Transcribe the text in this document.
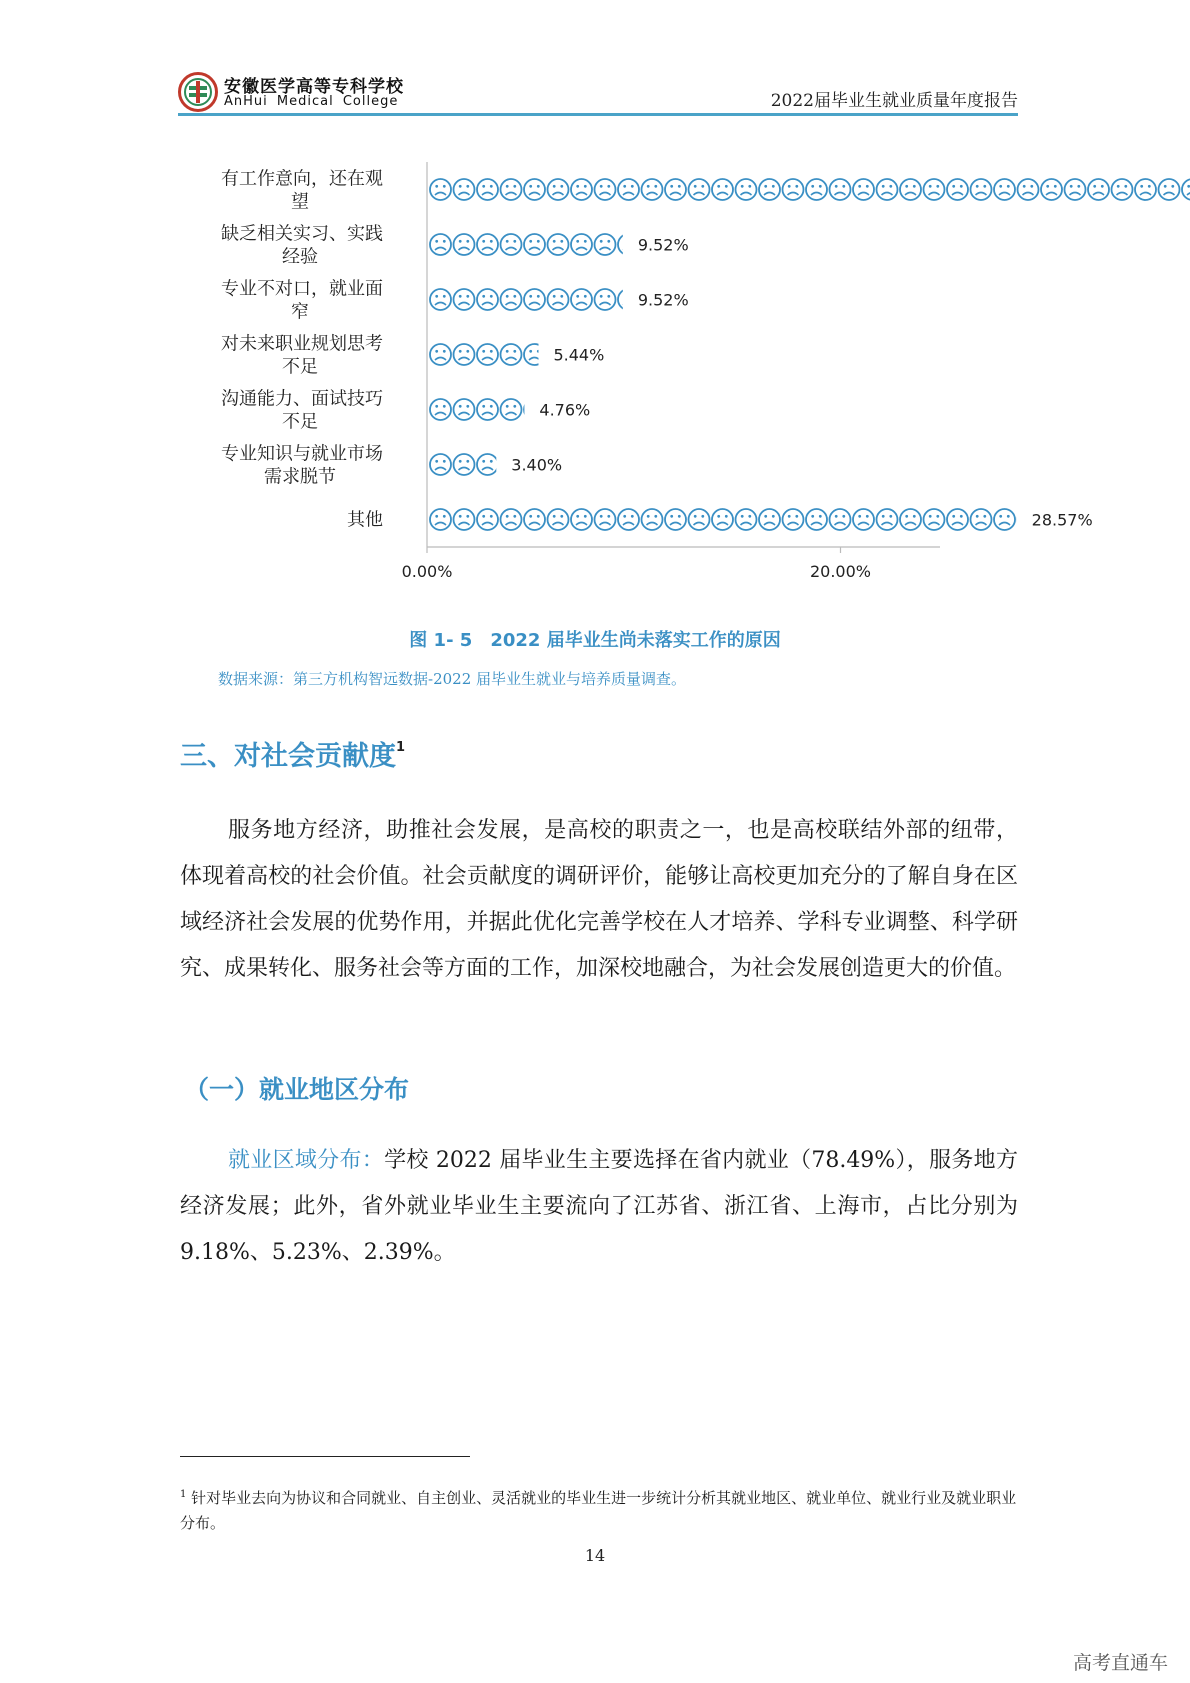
安徽医学高等专科学校
AnHui Medical College	2022届毕业生就业质量年度报告
0.00%	20.00%
有工作意向，还在观望
缺乏相关实习、实践经验
9.52%
专业不对口，就业面窄
9.52%
对未来职业规划思考不足
5.44%
沟通能力、面试技巧不足
4.76%
专业知识与就业市场需求脱节
3.40%
其他	28.57%
图 1- 5　2022 届毕业生尚未落实工作的原因
数据来源：第三方机构智远数据-2022 届毕业生就业与培养质量调查。
三、对社会贡献度$^1$

服务地方经济，助推社会发展，是高校的职责之一，也是高校联结外部的纽带，体现着高校的社会价值。社会贡献度的调研评价，能够让高校更加充分的了解自身在区域经济社会发展的优势作用，并据此优化完善学校在人才培养、学科专业调整、科学研究、成果转化、服务社会等方面的工作，加深校地融合，为社会发展创造更大的价值。

（一）就业地区分布

就业区域分布：学校 2022 届毕业生主要选择在省内就业（78.49%），服务地方经济发展；此外，省外就业毕业生主要流向了江苏省、浙江省、上海市，占比分别为 9.18%、5.23%、2.39%。

$^1$ 针对毕业去向为协议和合同就业、自主创业、灵活就业的毕业生进一步统计分析其就业地区、就业单位、就业行业及就业职业分布。

14
高考直通车
